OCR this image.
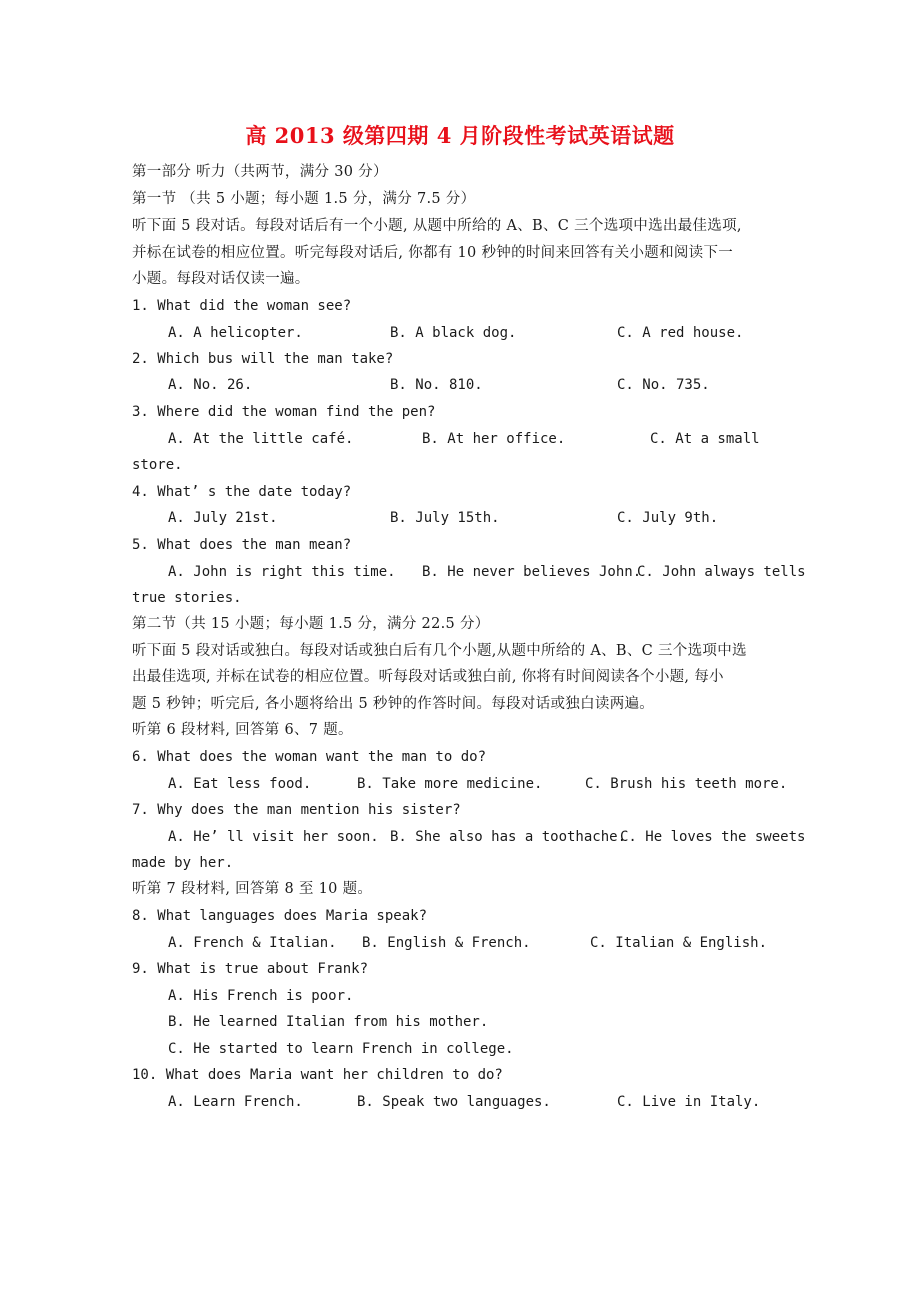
高 2013 级第四期 4 月阶段性考试英语试题
第一部分 听力（共两节，满分 30 分）
第一节 （共 5 小题；每小题 1.5 分，满分 7.5 分）
听下面 5 段对话。每段对话后有一个小题, 从题中所给的 A、B、C 三个选项中选出最佳选项,
并标在试卷的相应位置。听完每段对话后, 你都有 10 秒钟的时间来回答有关小题和阅读下一
小题。每段对话仅读一遍。
1. What did the woman see?
A. A helicopter.	B. A black dog.	C. A red house.
2. Which bus will the man take?
A. No. 26.	B. No. 810.	C. No. 735.
3. Where did the woman find the pen?
A. At the little café.	B. At her office.	C. At a small
store.
4. What’ s the date today?
A. July 21st.	B. July 15th.	C. July 9th.
5. What does the man mean?
A. John is right this time. B. He never believes John.
C. John always tells
true stories.
第二节（共 15 小题；每小题 1.5 分，满分 22.5 分）
听下面 5 段对话或独白。每段对话或独白后有几个小题,从题中所给的 A、B、C 三个选项中选
出最佳选项, 并标在试卷的相应位置。听每段对话或独白前, 你将有时间阅读各个小题, 每小
题 5 秒钟；听完后, 各小题将给出 5 秒钟的作答时间。每段对话或独白读两遍。
听第 6 段材料, 回答第 6、7 题。
6. What does the woman want the man to do?
A. Eat less food.	B. Take more medicine.	C. Brush his teeth more.
7. Why does the man mention his sister?
A. He’ ll visit her soon. B. She also has a toothache.
C. He loves the sweets
made by her.
听第 7 段材料, 回答第 8 至 10 题。
8. What languages does Maria speak?
A. French & Italian. B. English & French.	C. Italian & English.
9. What is true about Frank?
A. His French is poor.
B. He learned Italian from his mother.
C. He started to learn French in college.
10. What does Maria want her children to do?
A. Learn French.	B. Speak two languages.	C. Live in Italy.
